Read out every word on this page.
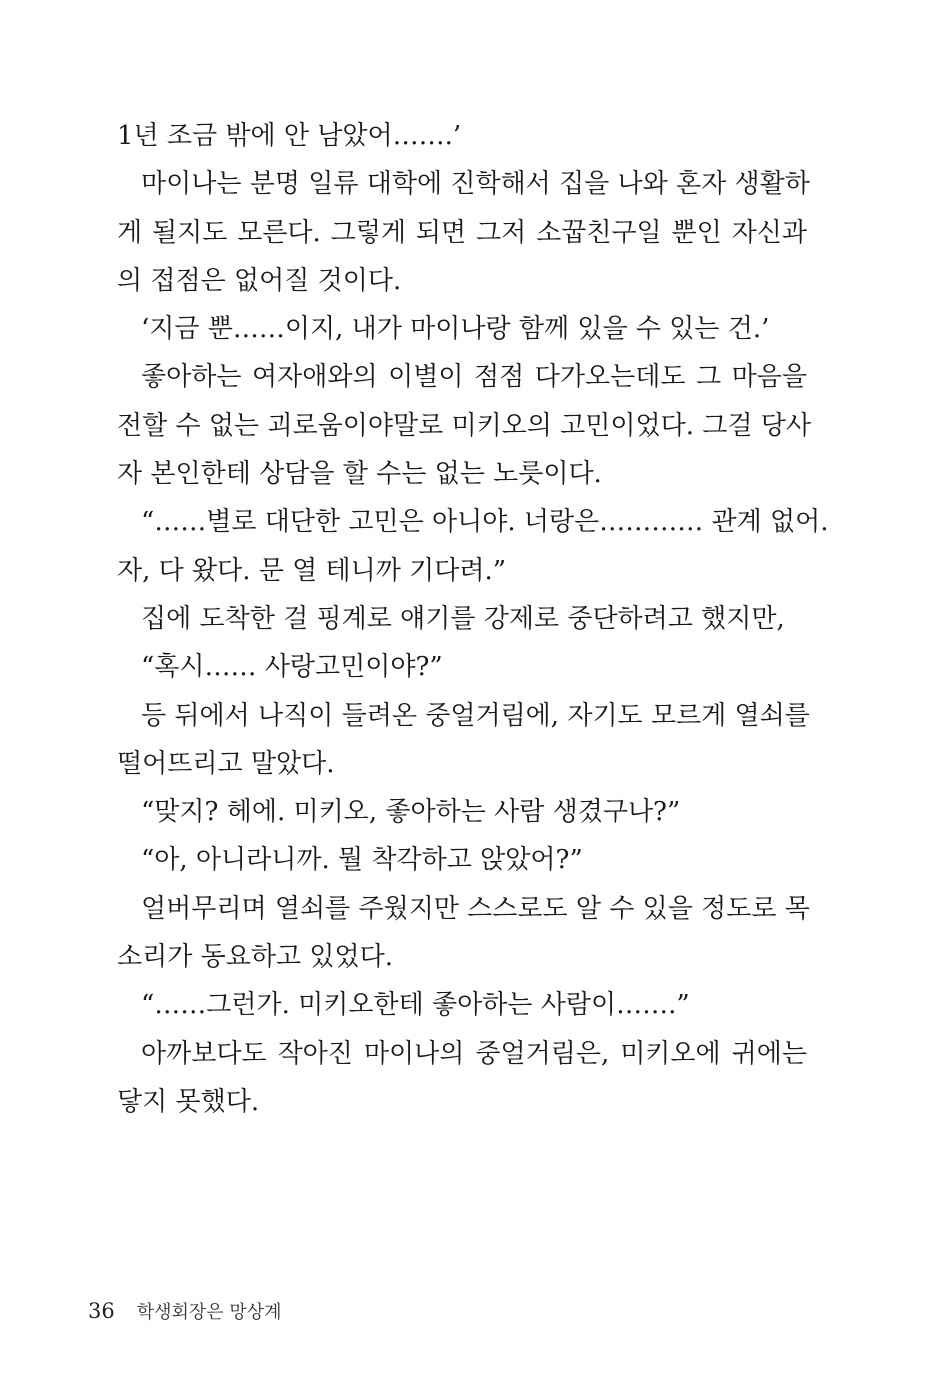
1년 조금 밖에 안 남았어…….’
마이나는 분명 일류 대학에 진학해서 집을 나와 혼자 생활하
게 될지도 모른다. 그렇게 되면 그저 소꿉친구일 뿐인 자신과
의 접점은 없어질 것이다.
‘지금 뿐……이지, 내가 마이나랑 함께 있을 수 있는 건.’
좋아하는 여자애와의 이별이 점점 다가오는데도 그 마음을
전할 수 없는 괴로움이야말로 미키오의 고민이었다. 그걸 당사
자 본인한테 상담을 할 수는 없는 노릇이다.
“……별로 대단한 고민은 아니야. 너랑은………… 관계 없어.
자, 다 왔다. 문 열 테니까 기다려.”
집에 도착한 걸 핑계로 얘기를 강제로 중단하려고 했지만,
“혹시…… 사랑고민이야?”
등 뒤에서 나직이 들려온 중얼거림에, 자기도 모르게 열쇠를
떨어뜨리고 말았다.
“맞지? 헤에. 미키오, 좋아하는 사람 생겼구나?”
“아, 아니라니까. 뭘 착각하고 앉았어?”
얼버무리며 열쇠를 주웠지만 스스로도 알 수 있을 정도로 목
소리가 동요하고 있었다.
“……그런가. 미키오한테 좋아하는 사람이…….”
아까보다도 작아진 마이나의 중얼거림은, 미키오에 귀에는
닿지 못했다.
36 학생회장은 망상계
